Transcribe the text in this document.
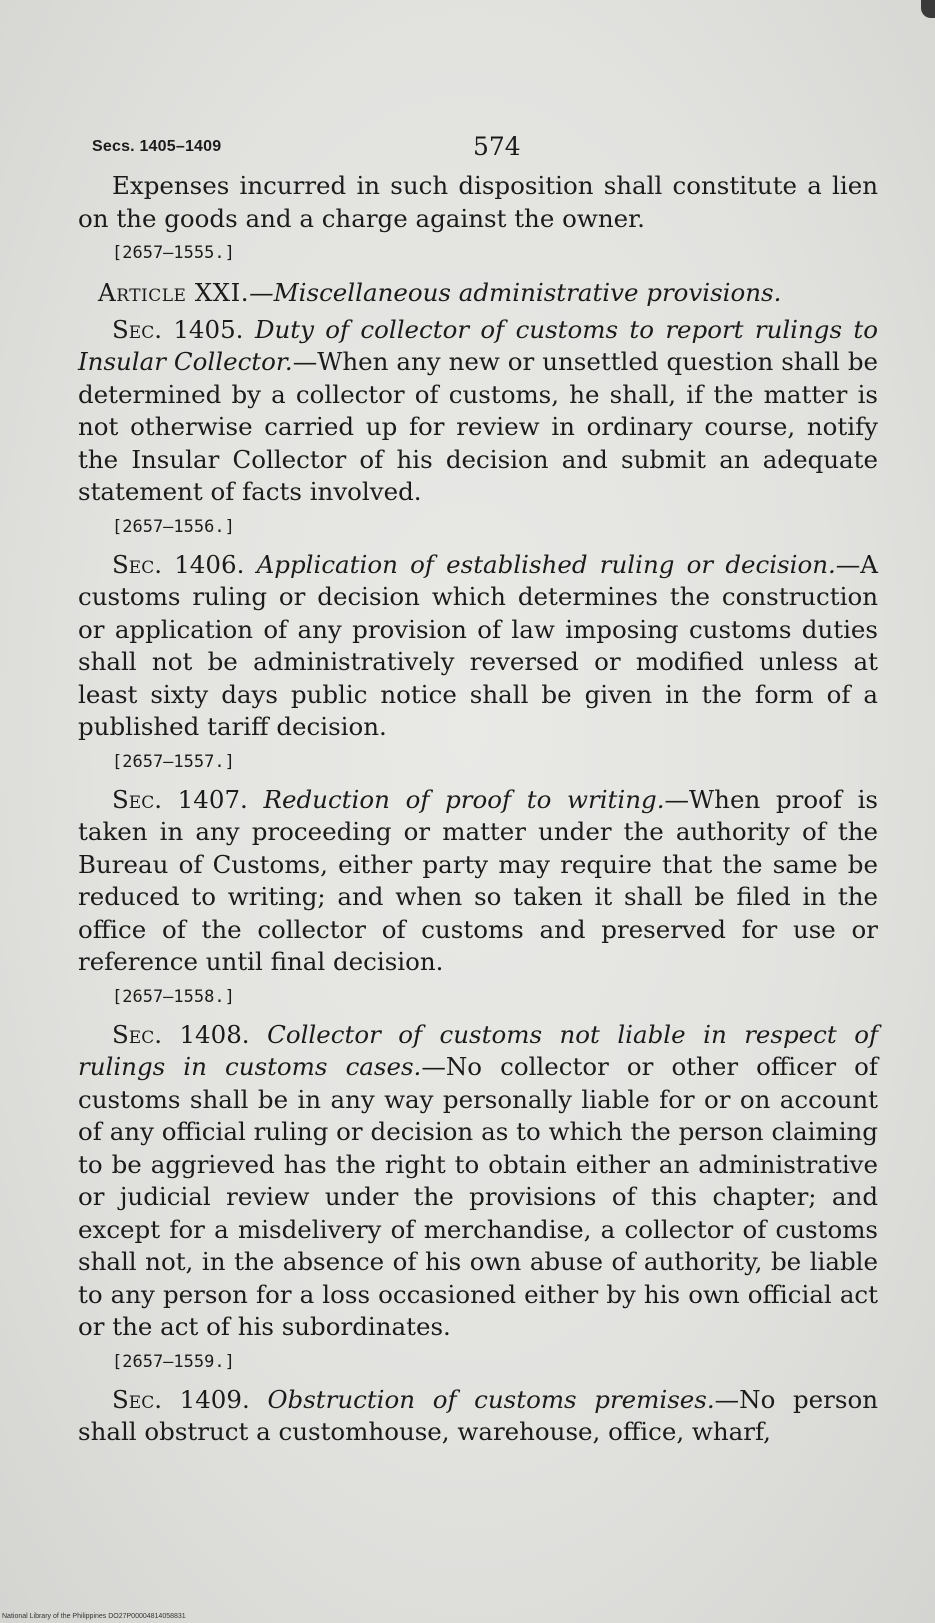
Secs. 1405–1409	574

Expenses incurred in such disposition shall constitute a lien on the goods and a charge against the owner.

[2657—1555.]
Article XXI.—Miscellaneous administrative provisions.

Sec. 1405. Duty of collector of customs to report rulings to Insular Collector.—When any new or unsettled question shall be determined by a collector of customs, he shall, if the matter is not otherwise carried up for review in ordinary course, notify the Insular Collector of his decision and submit an adequate statement of facts involved.

[2657—1556.]

Sec. 1406. Application of established ruling or decision.—A customs ruling or decision which determines the construction or application of any provision of law imposing customs duties shall not be administratively reversed or modified unless at least sixty days public notice shall be given in the form of a published tariff decision.

[2657—1557.]

Sec. 1407. Reduction of proof to writing.—When proof is taken in any proceeding or matter under the authority of the Bureau of Customs, either party may require that the same be reduced to writing; and when so taken it shall be filed in the office of the collector of customs and preserved for use or reference until final decision.

[2657—1558.]

Sec. 1408. Collector of customs not liable in respect of rulings in customs cases.—No collector or other officer of customs shall be in any way personally liable for or on account of any official ruling or decision as to which the person claiming to be aggrieved has the right to obtain either an administrative or judicial review under the provisions of this chapter; and except for a misdelivery of merchandise, a collector of customs shall not, in the absence of his own abuse of authority, be liable to any person for a loss occasioned either by his own official act or the act of his subordinates.

[2657—1559.]

Sec. 1409. Obstruction of customs premises.—No person shall obstruct a customhouse, warehouse, office, wharf,

National Library of the Philippines DO27P00004814058831
